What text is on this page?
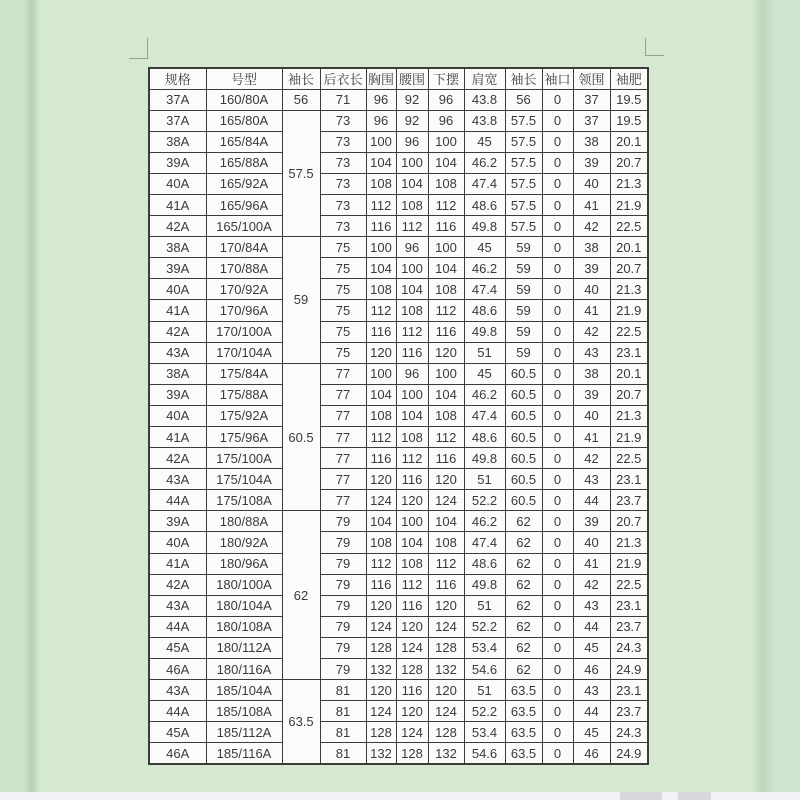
规格	号型	袖长	后衣长	胸围	腰围	下摆	肩宽	袖长	袖口	领围	袖肥
37A	160/80A	56	71	96	92	96	43.8	56	0	37	19.5
37A	165/80A	57.5	73	96	92	96	43.8	57.5	0	37	19.5
38A	165/84A		73	100	96	100	45	57.5	0	38	20.1
39A	165/88A		73	104	100	104	46.2	57.5	0	39	20.7
40A	165/92A		73	108	104	108	47.4	57.5	0	40	21.3
41A	165/96A		73	112	108	112	48.6	57.5	0	41	21.9
42A	165/100A		73	116	112	116	49.8	57.5	0	42	22.5
38A	170/84A	59	75	100	96	100	45	59	0	38	20.1
39A	170/88A		75	104	100	104	46.2	59	0	39	20.7
40A	170/92A		75	108	104	108	47.4	59	0	40	21.3
41A	170/96A		75	112	108	112	48.6	59	0	41	21.9
42A	170/100A		75	116	112	116	49.8	59	0	42	22.5
43A	170/104A		75	120	116	120	51	59	0	43	23.1
38A	175/84A	60.5	77	100	96	100	45	60.5	0	38	20.1
39A	175/88A		77	104	100	104	46.2	60.5	0	39	20.7
40A	175/92A		77	108	104	108	47.4	60.5	0	40	21.3
41A	175/96A		77	112	108	112	48.6	60.5	0	41	21.9
42A	175/100A		77	116	112	116	49.8	60.5	0	42	22.5
43A	175/104A		77	120	116	120	51	60.5	0	43	23.1
44A	175/108A		77	124	120	124	52.2	60.5	0	44	23.7
39A	180/88A	62	79	104	100	104	46.2	62	0	39	20.7
40A	180/92A		79	108	104	108	47.4	62	0	40	21.3
41A	180/96A		79	112	108	112	48.6	62	0	41	21.9
42A	180/100A		79	116	112	116	49.8	62	0	42	22.5
43A	180/104A		79	120	116	120	51	62	0	43	23.1
44A	180/108A		79	124	120	124	52.2	62	0	44	23.7
45A	180/112A		79	128	124	128	53.4	62	0	45	24.3
46A	180/116A		79	132	128	132	54.6	62	0	46	24.9
43A	185/104A	63.5	81	120	116	120	51	63.5	0	43	23.1
44A	185/108A		81	124	120	124	52.2	63.5	0	44	23.7
45A	185/112A		81	128	124	128	53.4	63.5	0	45	24.3
46A	185/116A		81	132	128	132	54.6	63.5	0	46	24.9
